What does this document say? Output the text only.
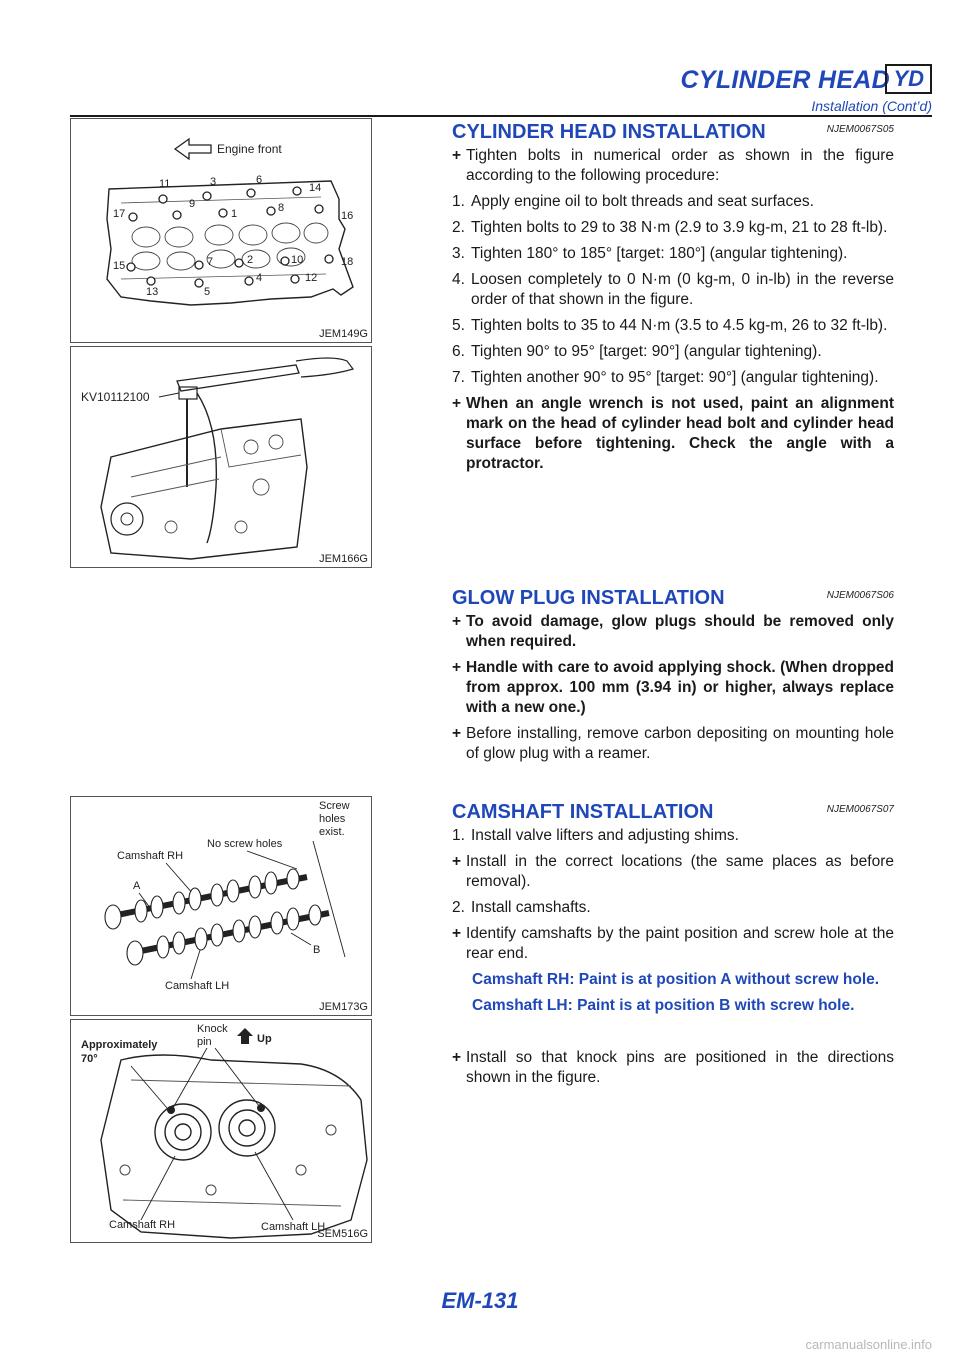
CYLINDER HEAD YD
Installation (Cont’d)
Engine front
11	3	6
14
17
9
1	8
16
15	7	2	10	18
13	5
4	12
JEM149G
KV10112100
JEM166G
Screw
holes
exist.
No screw holes
Camshaft RH
A
B
Camshaft LH
JEM173G
Approximately
70°
Knock
pin	Up
Camshaft RH	Camshaft LH
SEM516G
CYLINDER HEAD INSTALLATION	NJEM0067S05
+ Tighten bolts in numerical order as shown in the figure according to the following procedure:
1. Apply engine oil to bolt threads and seat surfaces.
2. Tighten bolts to 29 to 38 N·m (2.9 to 3.9 kg-m, 21 to 28 ft-lb).
3. Tighten 180° to 185° [target: 180°] (angular tightening).
4. Loosen completely to 0 N·m (0 kg-m, 0 in-lb) in the reverse order of that shown in the figure.
5. Tighten bolts to 35 to 44 N·m (3.5 to 4.5 kg-m, 26 to 32 ft-lb).
6. Tighten 90° to 95° [target: 90°] (angular tightening).
7. Tighten another 90° to 95° [target: 90°] (angular tightening).
+ When an angle wrench is not used, paint an alignment mark on the head of cylinder head bolt and cylinder head surface before tightening. Check the angle with a protractor.
GLOW PLUG INSTALLATION	NJEM0067S06
+ To avoid damage, glow plugs should be removed only when required.
+ Handle with care to avoid applying shock. (When dropped from approx. 100 mm (3.94 in) or higher, always replace with a new one.)
+ Before installing, remove carbon depositing on mounting hole of glow plug with a reamer.
CAMSHAFT INSTALLATION	NJEM0067S07
1. Install valve lifters and adjusting shims.
+ Install in the correct locations (the same places as before removal).
2. Install camshafts.
+ Identify camshafts by the paint position and screw hole at the rear end.
Camshaft RH: Paint is at position A without screw hole.
Camshaft LH: Paint is at position B with screw hole.
+ Install so that knock pins are positioned in the directions shown in the figure.
EM-131
carmanualsonline.info
